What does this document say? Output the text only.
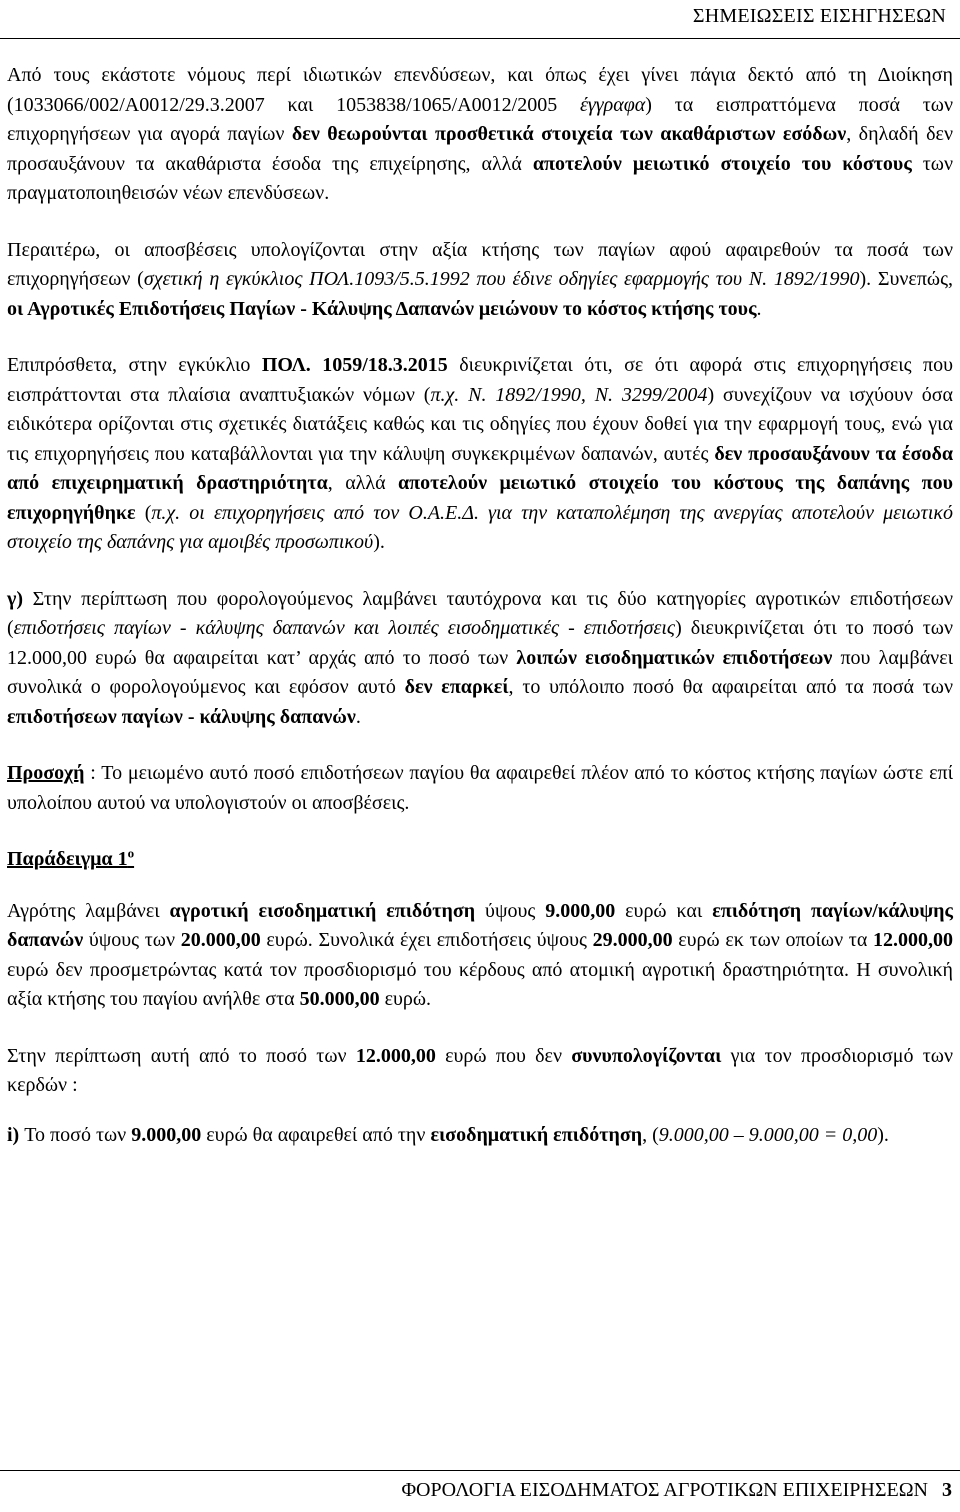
ΣΗΜΕΙΩΣΕΙΣ ΕΙΣΗΓΗΣΕΩΝ

Από τους εκάστοτε νόμους περί ιδιωτικών επενδύσεων, και όπως έχει γίνει πάγια δεκτό από τη Διοίκηση (1033066/002/Α0012/29.3.2007 και 1053838/1065/Α0012/2005 έγγραφα) τα εισπραττόμενα ποσά των επιχορηγήσεων για αγορά παγίων δεν θεωρούνται προσθετικά στοιχεία των ακαθάριστων εσόδων, δηλαδή δεν προσαυξάνουν τα ακαθάριστα έσοδα της επιχείρησης, αλλά αποτελούν μειωτικό στοιχείο του κόστους των πραγματοποιηθεισών νέων επενδύσεων.

Περαιτέρω, οι αποσβέσεις υπολογίζονται στην αξία κτήσης των παγίων αφού αφαιρεθούν τα ποσά των επιχορηγήσεων (σχετική η εγκύκλιος ΠΟΛ.1093/5.5.1992 που έδινε οδηγίες εφαρμογής του Ν. 1892/1990). Συνεπώς, οι Αγροτικές Επιδοτήσεις Παγίων - Κάλυψης Δαπανών μειώνουν το κόστος κτήσης τους.

Επιπρόσθετα, στην εγκύκλιο ΠΟΛ. 1059/18.3.2015 διευκρινίζεται ότι, σε ότι αφορά στις επιχορηγήσεις που εισπράττονται στα πλαίσια αναπτυξιακών νόμων (π.χ. Ν. 1892/1990, Ν. 3299/2004) συνεχίζουν να ισχύουν όσα ειδικότερα ορίζονται στις σχετικές διατάξεις καθώς και τις οδηγίες που έχουν δοθεί για την εφαρμογή τους, ενώ για τις επιχορηγήσεις που καταβάλλονται για την κάλυψη συγκεκριμένων δαπανών, αυτές δεν προσαυξάνουν τα έσοδα από επιχειρηματική δραστηριότητα, αλλά αποτελούν μειωτικό στοιχείο του κόστους της δαπάνης που επιχορηγήθηκε (π.χ. οι επιχορηγήσεις από τον Ο.Α.Ε.Δ. για την καταπολέμηση της ανεργίας αποτελούν μειωτικό στοιχείο της δαπάνης για αμοιβές προσωπικού).

γ) Στην περίπτωση που φορολογούμενος λαμβάνει ταυτόχρονα και τις δύο κατηγορίες αγροτικών επιδοτήσεων (επιδοτήσεις παγίων - κάλυψης δαπανών και λοιπές εισοδηματικές - επιδοτήσεις) διευκρινίζεται ότι το ποσό των 12.000,00 ευρώ θα αφαιρείται κατ’ αρχάς από το ποσό των λοιπών εισοδηματικών επιδοτήσεων που λαμβάνει συνολικά ο φορολογούμενος και εφόσον αυτό δεν επαρκεί, το υπόλοιπο ποσό θα αφαιρείται από τα ποσά των επιδοτήσεων παγίων - κάλυψης δαπανών.

Προσοχή : Το μειωμένο αυτό ποσό επιδοτήσεων παγίου θα αφαιρεθεί πλέον από το κόστος κτήσης παγίων ώστε επί υπολοίπου αυτού να υπολογιστούν οι αποσβέσεις.

Παράδειγμα $1^o$

Αγρότης λαμβάνει αγροτική εισοδηματική επιδότηση ύψους 9.000,00 ευρώ και επιδότηση παγίων/κάλυψης δαπανών ύψους των 20.000,00 ευρώ. Συνολικά έχει επιδοτήσεις ύψους 29.000,00 ευρώ εκ των οποίων τα 12.000,00 ευρώ δεν προσμετρώντας κατά τον προσδιορισμό του κέρδους από ατομική αγροτική δραστηριότητα. Η συνολική αξία κτήσης του παγίου ανήλθε στα 50.000,00 ευρώ.

Στην περίπτωση αυτή από το ποσό των 12.000,00 ευρώ που δεν συνυπολογίζονται για τον προσδιορισμό των κερδών :

i) Το ποσό των 9.000,00 ευρώ θα αφαιρεθεί από την εισοδηματική επιδότηση, (9.000,00 – 9.000,00 = 0,00).

ΦΟΡΟΛΟΓΙΑ ΕΙΣΟΔΗΜΑΤΟΣ ΑΓΡΟΤΙΚΩΝ ΕΠΙΧΕΙΡΗΣΕΩΝ 3
